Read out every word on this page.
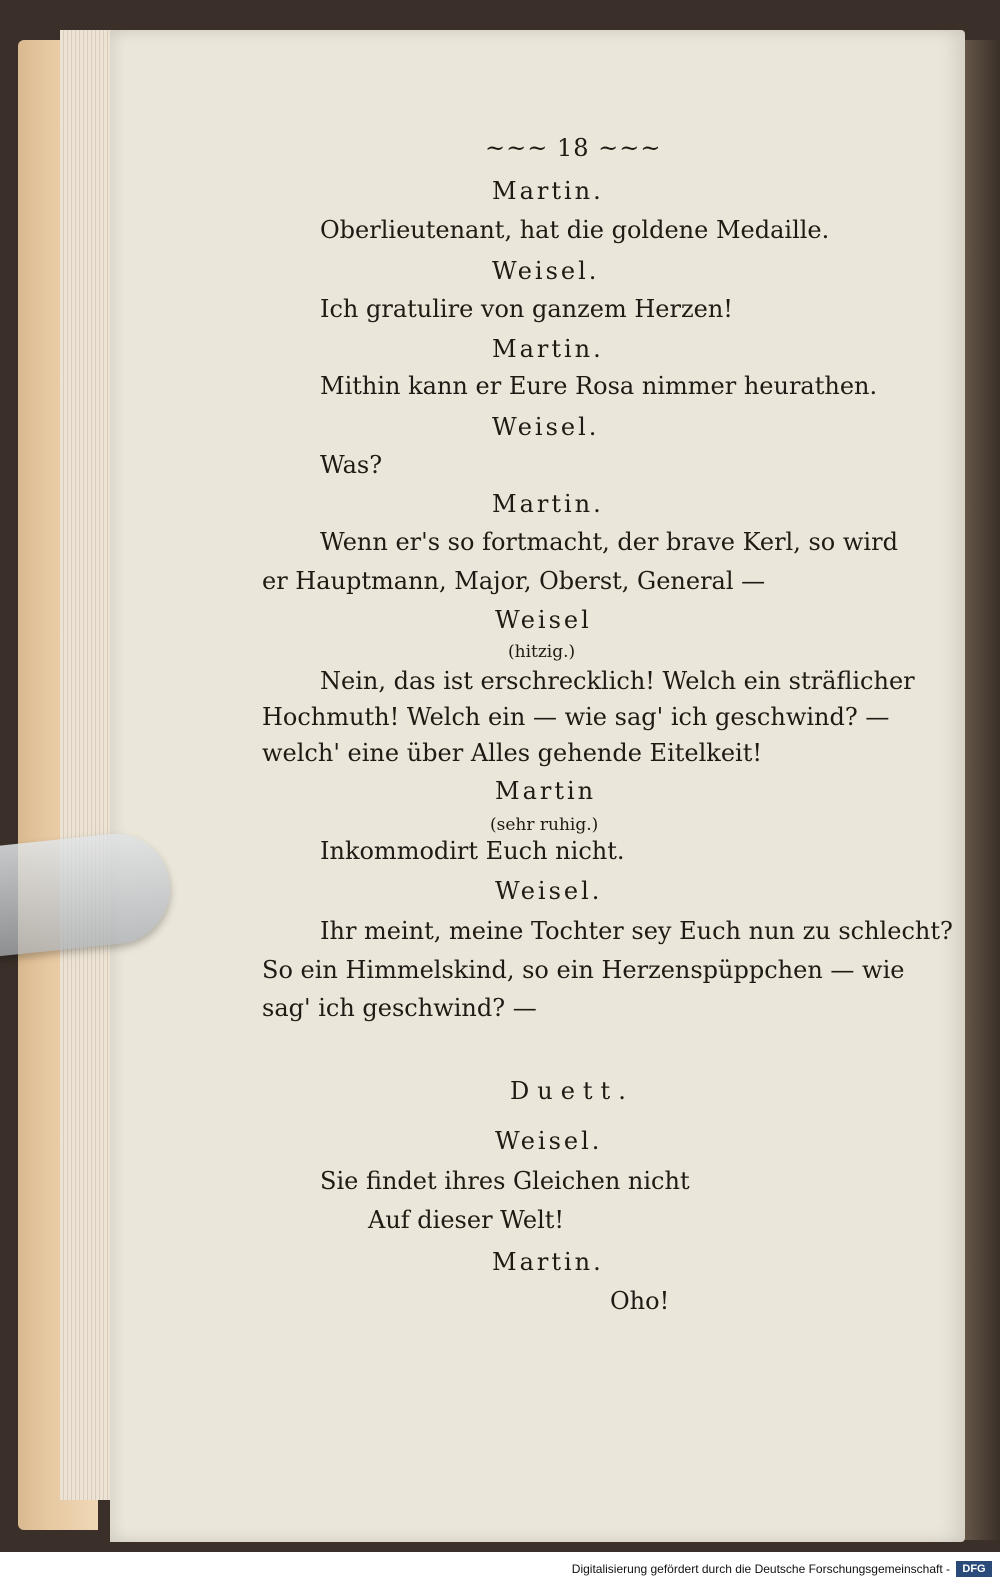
~~~ 18 ~~~
Martin.
Oberlieutenant, hat die goldene Medaille.
Weisel.
Ich gratulire von ganzem Herzen!
Martin.
Mithin kann er Eure Rosa nimmer heurathen.
Weisel.
Was?
Martin.
Wenn er's so fortmacht, der brave Kerl, so wird
er Hauptmann, Major, Oberst, General —
Weisel
(hitzig.)
Nein, das ist erschrecklich! Welch ein sträflicher
Hochmuth! Welch ein — wie sag' ich geschwind? —
welch' eine über Alles gehende Eitelkeit!
Martin
(sehr ruhig.)
Inkommodirt Euch nicht.
Weisel.
Ihr meint, meine Tochter sey Euch nun zu schlecht?
So ein Himmelskind, so ein Herzenspüppchen — wie
sag' ich geschwind? —
Duett.
Weisel.
Sie findet ihres Gleichen nicht
Auf dieser Welt!
Martin.
Oho!
Digitalisierung gefördert durch die Deutsche Forschungsgemeinschaft -	DFG
